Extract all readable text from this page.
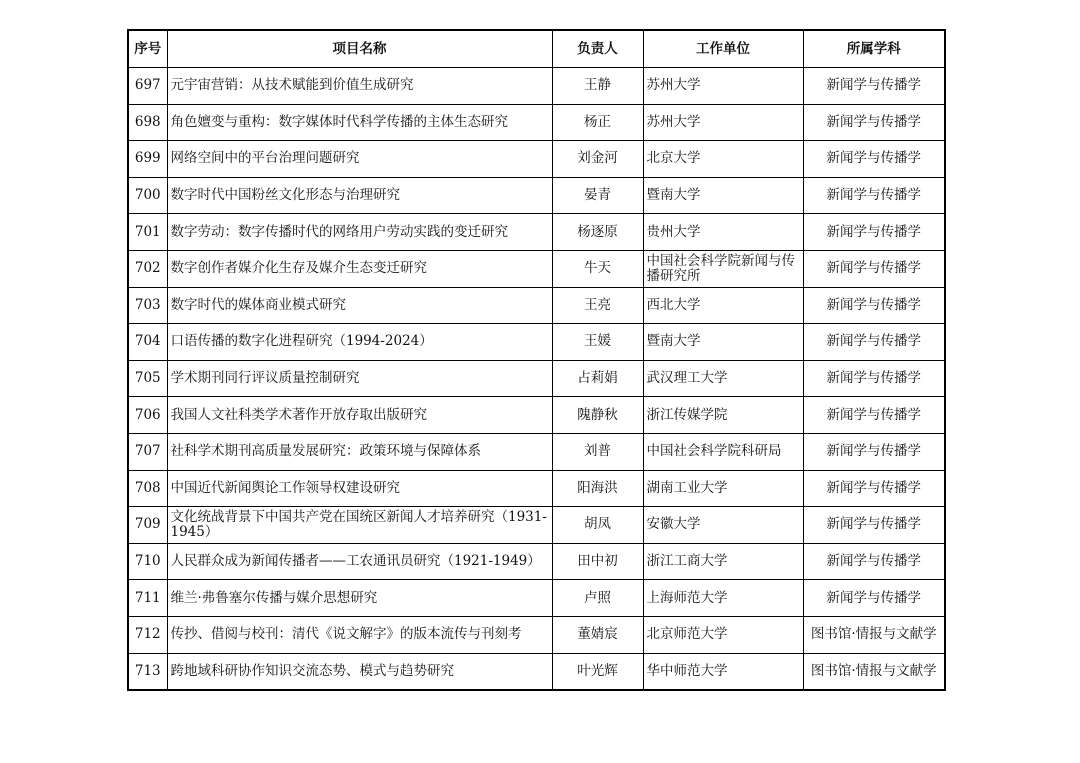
序号	项目名称	负责人	工作单位	所属学科
697	元宇宙营销：从技术赋能到价值生成研究	王静	苏州大学	新闻学与传播学
698	角色嬗变与重构：数字媒体时代科学传播的主体生态研究	杨正	苏州大学	新闻学与传播学
699	网络空间中的平台治理问题研究	刘金河	北京大学	新闻学与传播学
700	数字时代中国粉丝文化形态与治理研究	晏青	暨南大学	新闻学与传播学
701	数字劳动：数字传播时代的网络用户劳动实践的变迁研究	杨逐原	贵州大学	新闻学与传播学
702	数字创作者媒介化生存及媒介生态变迁研究	牛天	中国社会科学院新闻与传播研究所	新闻学与传播学
703	数字时代的媒体商业模式研究	王亮	西北大学	新闻学与传播学
704	口语传播的数字化进程研究（1994-2024）	王媛	暨南大学	新闻学与传播学
705	学术期刊同行评议质量控制研究	占莉娟	武汉理工大学	新闻学与传播学
706	我国人文社科类学术著作开放存取出版研究	隗静秋	浙江传媒学院	新闻学与传播学
707	社科学术期刊高质量发展研究：政策环境与保障体系	刘普	中国社会科学院科研局	新闻学与传播学
708	中国近代新闻舆论工作领导权建设研究	阳海洪	湖南工业大学	新闻学与传播学
709	文化统战背景下中国共产党在国统区新闻人才培养研究（1931-1945）	胡凤	安徽大学	新闻学与传播学
710	人民群众成为新闻传播者——工农通讯员研究（1921-1949）	田中初	浙江工商大学	新闻学与传播学
711	维兰·弗鲁塞尔传播与媒介思想研究	卢照	上海师范大学	新闻学与传播学
712	传抄、借阅与校刊：清代《说文解字》的版本流传与刊刻考	董婧宸	北京师范大学	图书馆·情报与文献学
713	跨地域科研协作知识交流态势、模式与趋势研究	叶光辉	华中师范大学	图书馆·情报与文献学
